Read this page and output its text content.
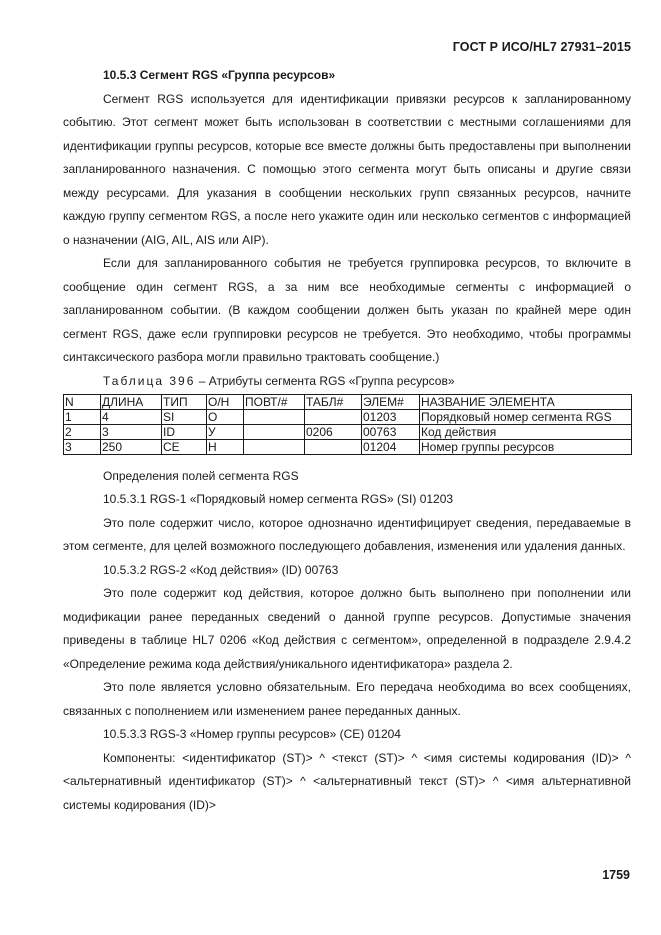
ГОСТ Р ИСО/HL7 27931–2015

10.5.3 Сегмент RGS «Группа ресурсов»

Сегмент RGS используется для идентификации привязки ресурсов к запланированному событию. Этот сегмент может быть использован в соответствии с местными соглашениями для идентификации группы ресурсов, которые все вместе должны быть предоставлены при выполнении запланированного назначения. С помощью этого сегмента могут быть описаны и другие связи между ресурсами. Для указания в сообщении нескольких групп связанных ресурсов, начните каждую группу сегментом RGS, а после него укажите один или несколько сегментов с информацией о назначении (AIG, AIL, AIS или AIP).

Если для запланированного события не требуется группировка ресурсов, то включите в сообщение один сегмент RGS, а за ним все необходимые сегменты с информацией о запланированном событии. (В каждом сообщении должен быть указан по крайней мере один сегмент RGS, даже если группировки ресурсов не требуется. Это необходимо, чтобы программы синтаксического разбора могли правильно трактовать сообщение.)

Таблица 396 – Атрибуты сегмента RGS «Группа ресурсов»

N	ДЛИНА	ТИП	О/Н	ПОВТ/#	ТАБЛ#	ЭЛЕМ#	НАЗВАНИЕ ЭЛЕМЕНТА
1	4	SI	О			01203	Порядковый номер сегмента RGS
2	3	ID	У		0206	00763	Код действия
3	250	CE	Н			01204	Номер группы ресурсов

Определения полей сегмента RGS

10.5.3.1 RGS-1 «Порядковый номер сегмента RGS» (SI) 01203

Это поле содержит число, которое однозначно идентифицирует сведения, передаваемые в этом сегменте, для целей возможного последующего добавления, изменения или удаления данных.

10.5.3.2 RGS-2 «Код действия» (ID) 00763

Это поле содержит код действия, которое должно быть выполнено при пополнении или модификации ранее переданных сведений о данной группе ресурсов. Допустимые значения приведены в таблице HL7 0206 «Код действия с сегментом», определенной в подразделе 2.9.4.2 «Определение режима кода действия/уникального идентификатора» раздела 2.

Это поле является условно обязательным. Его передача необходима во всех сообщениях, связанных с пополнением или изменением ранее переданных данных.

10.5.3.3 RGS-3 «Номер группы ресурсов» (CE) 01204

Компоненты: <идентификатор (ST)> ^ <текст (ST)> ^ <имя системы кодирования (ID)> ^ <альтернативный идентификатор (ST)> ^ <альтернативный текст (ST)> ^ <имя альтернативной системы кодирования (ID)>

1759
